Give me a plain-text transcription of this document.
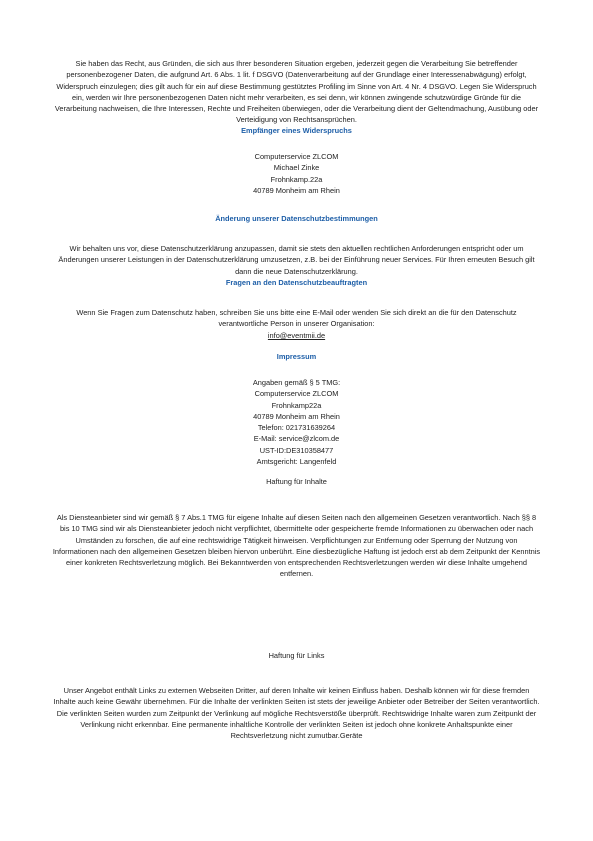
Sie haben das Recht, aus Gründen, die sich aus Ihrer besonderen Situation ergeben, jederzeit gegen die Verarbeitung Sie betreffender personenbezogener Daten, die aufgrund Art. 6 Abs. 1 lit. f DSGVO (Datenverarbeitung auf der Grundlage einer Interessenabwägung) erfolgt, Widerspruch einzulegen; dies gilt auch für ein auf diese Bestimmung gestütztes Profiling im Sinne von Art. 4 Nr. 4 DSGVO. Legen Sie Widerspruch ein, werden wir Ihre personenbezogenen Daten nicht mehr verarbeiten, es sei denn, wir können zwingende schutzwürdige Gründe für die Verarbeitung nachweisen, die Ihre Interessen, Rechte und Freiheiten überwiegen, oder die Verarbeitung dient der Geltendmachung, Ausübung oder Verteidigung von Rechtsansprüchen.
Empfänger eines Widerspruchs
Computerservice ZLCOM
Michael Zinke
Frohnkamp.22a
40789 Monheim am Rhein
Änderung unserer Datenschutzbestimmungen
Wir behalten uns vor, diese Datenschutzerklärung anzupassen, damit sie stets den aktuellen rechtlichen Anforderungen entspricht oder um Änderungen unserer Leistungen in der Datenschutzerklärung umzusetzen, z.B. bei der Einführung neuer Services. Für Ihren erneuten Besuch gilt dann die neue Datenschutzerklärung.
Fragen an den Datenschutzbeauftragten
Wenn Sie Fragen zum Datenschutz haben, schreiben Sie uns bitte eine E-Mail oder wenden Sie sich direkt an die für den Datenschutz verantwortliche Person in unserer Organisation:
info@eventmii.de
Impressum
Angaben gemäß § 5 TMG:
Computerservice ZLCOM
Frohnkamp22a
40789 Monheim am Rhein
Telefon: 021731639264
E-Mail: service@zlcom.de
UST-ID:DE310358477
Amtsgericht: Langenfeld
Haftung für Inhalte
Als Diensteanbieter sind wir gemäß § 7 Abs.1 TMG für eigene Inhalte auf diesen Seiten nach den allgemeinen Gesetzen verantwortlich. Nach §§ 8 bis 10 TMG sind wir als Diensteanbieter jedoch nicht verpflichtet, übermittelte oder gespeicherte fremde Informationen zu überwachen oder nach Umständen zu forschen, die auf eine rechtswidrige Tätigkeit hinweisen. Verpflichtungen zur Entfernung oder Sperrung der Nutzung von Informationen nach den allgemeinen Gesetzen bleiben hiervon unberührt. Eine diesbezügliche Haftung ist jedoch erst ab dem Zeitpunkt der Kenntnis einer konkreten Rechtsverletzung möglich. Bei Bekanntwerden von entsprechenden Rechtsverletzungen werden wir diese Inhalte umgehend entfernen.
Haftung für Links
Unser Angebot enthält Links zu externen Webseiten Dritter, auf deren Inhalte wir keinen Einfluss haben. Deshalb können wir für diese fremden Inhalte auch keine Gewähr übernehmen. Für die Inhalte der verlinkten Seiten ist stets der jeweilige Anbieter oder Betreiber der Seiten verantwortlich. Die verlinkten Seiten wurden zum Zeitpunkt der Verlinkung auf mögliche Rechtsverstöße überprüft. Rechtswidrige Inhalte waren zum Zeitpunkt der Verlinkung nicht erkennbar. Eine permanente inhaltliche Kontrolle der verlinkten Seiten ist jedoch ohne konkrete Anhaltspunkte einer Rechtsverletzung nicht zumutbar.Geräte
